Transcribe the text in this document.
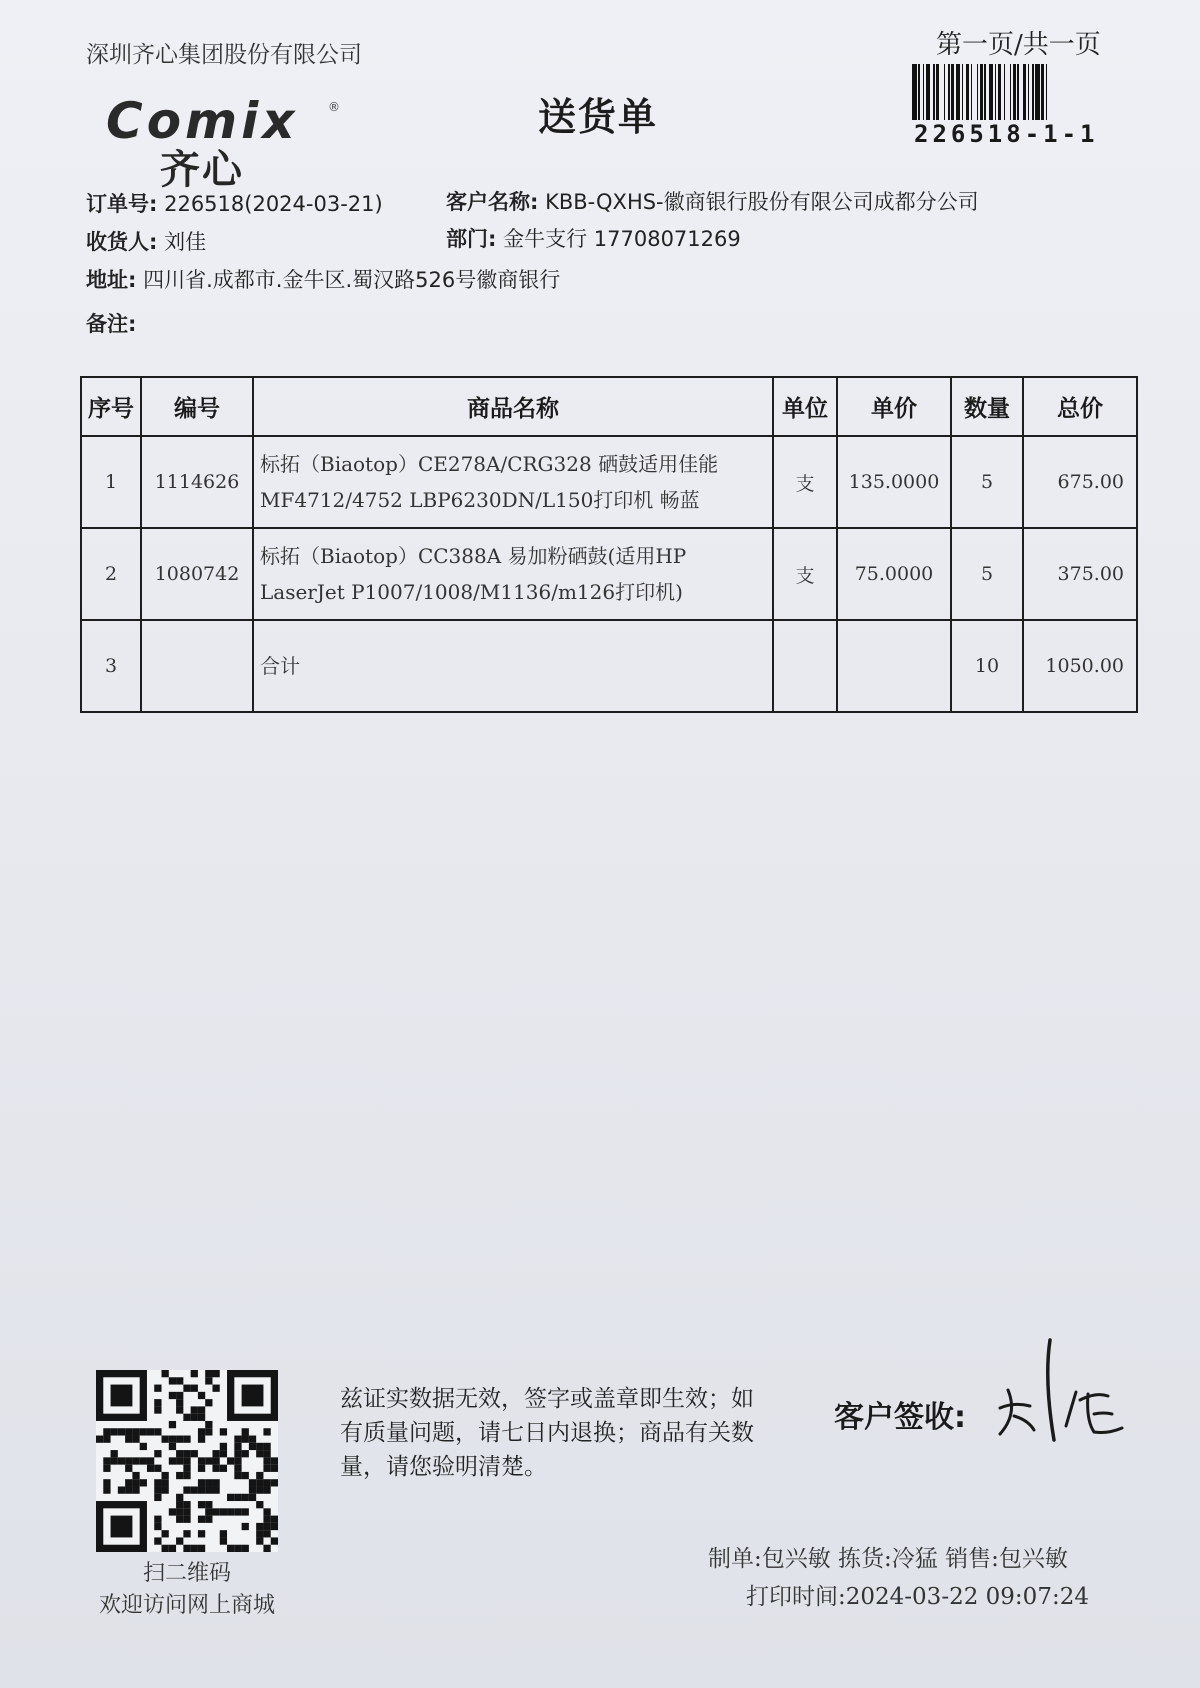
深圳齐心集团股份有限公司	第一页/共一页
送货单
Comix ®
齐心
226518-1-1
订单号: 226518(2024-03-21)	客户名称: KBB-QXHS-徽商银行股份有限公司成都分公司
收货人: 刘佳	部门: 金牛支行 17708071269
地址: 四川省.成都市.金牛区.蜀汉路526号徽商银行
备注:
序号	编号	商品名称	单位	单价	数量	总价
1	1114626	标拓（Biaotop）CE278A/CRG328 硒鼓适用佳能MF4712/4752 LBP6230DN/L150打印机 畅蓝	支	135.0000	5	675.00
2	1080742	标拓（Biaotop）CC388A 易加粉硒鼓(适用HP LaserJet P1007/1008/M1136/m126打印机)	支	75.0000	5	375.00
3		合计			10	1050.00
扫二维码
欢迎访问网上商城
兹证实数据无效，签字或盖章即生效；如有质量问题，请七日内退换；商品有关数量，请您验明清楚。
客户签收:
制单:包兴敏 拣货:冷猛 销售:包兴敏
打印时间:2024-03-22 09:07:24
